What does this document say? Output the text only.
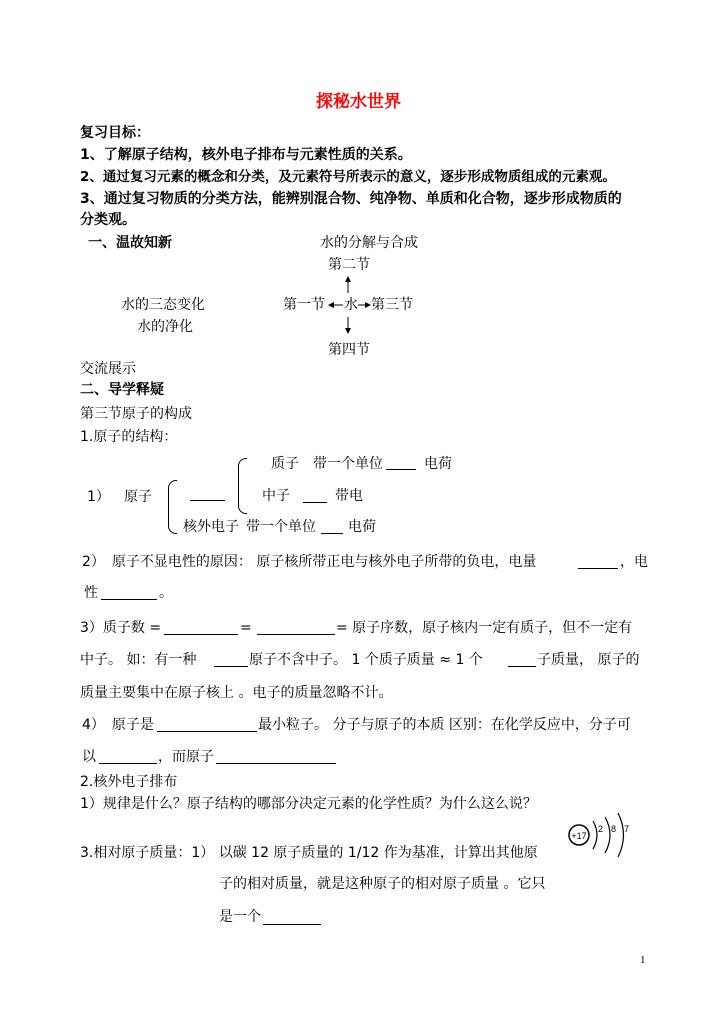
探秘水世界
复习目标：
1、了解原子结构，核外电子排布与元素性质的关系。
2、通过复习元素的概念和分类，及元素符号所表示的意义，逐步形成物质组成的元素观。
3、通过复习物质的分类方法，能辨别混合物、纯净物、单质和化合物，逐步形成物质的
分类观。
一、温故知新	水的分解与合成
第二节
水的三态变化	第一节 水 第三节
水的净化
第四节
交流展示
二、导学释疑
第三节原子的构成
1.原子的结构：
1） 原子
质子 带一个单位	电荷
中子	带电
核外电子 带一个单位 电荷
2）　原子不显电性的原因： 原子核所带正电与核外电子所带的负电，电量	，电
性	。
3）质子数 =	=	= 原子序数，原子核内一定有质子，但不一定有
中子。 如：有一种	原子不含中子。 1 个质子质量 ≈ 1 个	子质量， 原子的
质量主要集中在原子核上 。电子的质量忽略不计。
4）　原子是	最小粒子。 分子与原子的本质 区别：在化学反应中，分子可
以	，而原子
2.核外电子排布
1）规律是什么？原子结构的哪部分决定元素的化学性质？为什么这么说？
+17
2 8 7
3.相对原子质量：1） 以碳 12 原子质量的 1/12 作为基准，计算出其他原
子的相对质量，就是这种原子的相对原子质量 。它只
是一个
1
